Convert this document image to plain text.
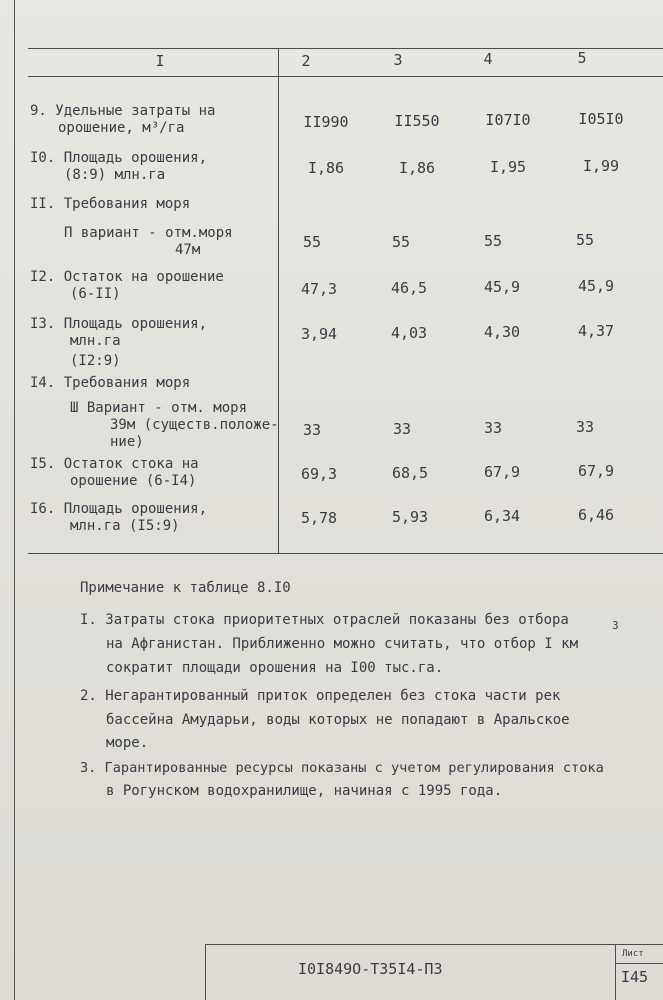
I	2	3	4	5
9. Удельные затраты на
орошение, м³/га	II990	II550	I07I0	I05I0
I0. Площадь орошения,
(8:9) млн.га	I,86	I,86	I,95	I,99
II. Требования моря
П вариант - отм.моря
47м	55	55	55	55
I2. Остаток на орошение
(6-II)	47,3	46,5	45,9	45,9
I3. Площадь орошения,
млн.га
(I2:9)
3,94	4,03	4,30	4,37
I4. Требования моря
Ш Вариант - отм. моря
39м (существ.положе-
ние)
33	33	33	33
I5. Остаток стока на
орошение (6-I4)	69,3	68,5	67,9	67,9
I6. Площадь орошения,
млн.га (I5:9)	5,78	5,93	6,34	6,46
Примечание к таблице 8.I0
I. Затраты стока приоритетных отраслей показаны без отбора	3
на Афганистан. Приближенно можно считать, что отбор I км
сократит площади орошения на I00 тыс.га.
2. Негарантированный приток определен без стока части рек
бассейна Амударьи, воды которых не попадают в Аральское
море.
3. Гарантированные ресурсы показаны с учетом регулирования стока
в Рогунском водохранилище, начиная с 1995 года.
I0I849О-Т35I4-ПЗ
Лист
I45
